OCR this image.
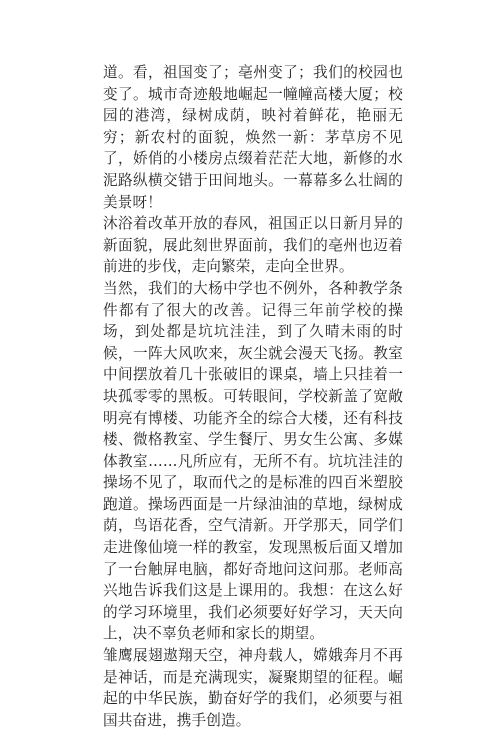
道。看，祖国变了；亳州变了；我们的校园也变了。城市奇迹般地崛起一幢幢高楼大厦；校园的港湾，绿树成荫，映衬着鲜花，艳丽无穷；新农村的面貌，焕然一新：茅草房不见了，娇俏的小楼房点缀着茫茫大地，新修的水泥路纵横交错于田间地头。一幕幕多么壮阔的美景呀！

沐浴着改革开放的春风，祖国正以日新月异的新面貌，展此刻世界面前，我们的亳州也迈着前进的步伐，走向繁荣，走向全世界。

当然，我们的大杨中学也不例外，各种教学条件都有了很大的改善。记得三年前学校的操场，到处都是坑坑洼洼，到了久晴未雨的时候，一阵大风吹来，灰尘就会漫天飞扬。教室中间摆放着几十张破旧的课桌，墙上只挂着一块孤零零的黑板。可转眼间，学校新盖了宽敞明亮有博楼、功能齐全的综合大楼，还有科技楼、微格教室、学生餐厅、男女生公寓、多媒体教室……凡所应有，无所不有。坑坑洼洼的操场不见了，取而代之的是标准的四百米塑胶跑道。操场西面是一片绿油油的草地，绿树成荫，鸟语花香，空气清新。开学那天，同学们走进像仙境一样的教室，发现黑板后面又增加了一台触屏电脑，都好奇地问这问那。老师高兴地告诉我们这是上课用的。我想：在这么好的学习环境里，我们必须要好好学习，天天向上，决不辜负老师和家长的期望。

雏鹰展翅遨翔天空，神舟载人，嫦娥奔月不再是神话，而是充满现实，凝聚期望的征程。崛起的中华民族，勤奋好学的我们，必须要与祖国共奋进，携手创造。
